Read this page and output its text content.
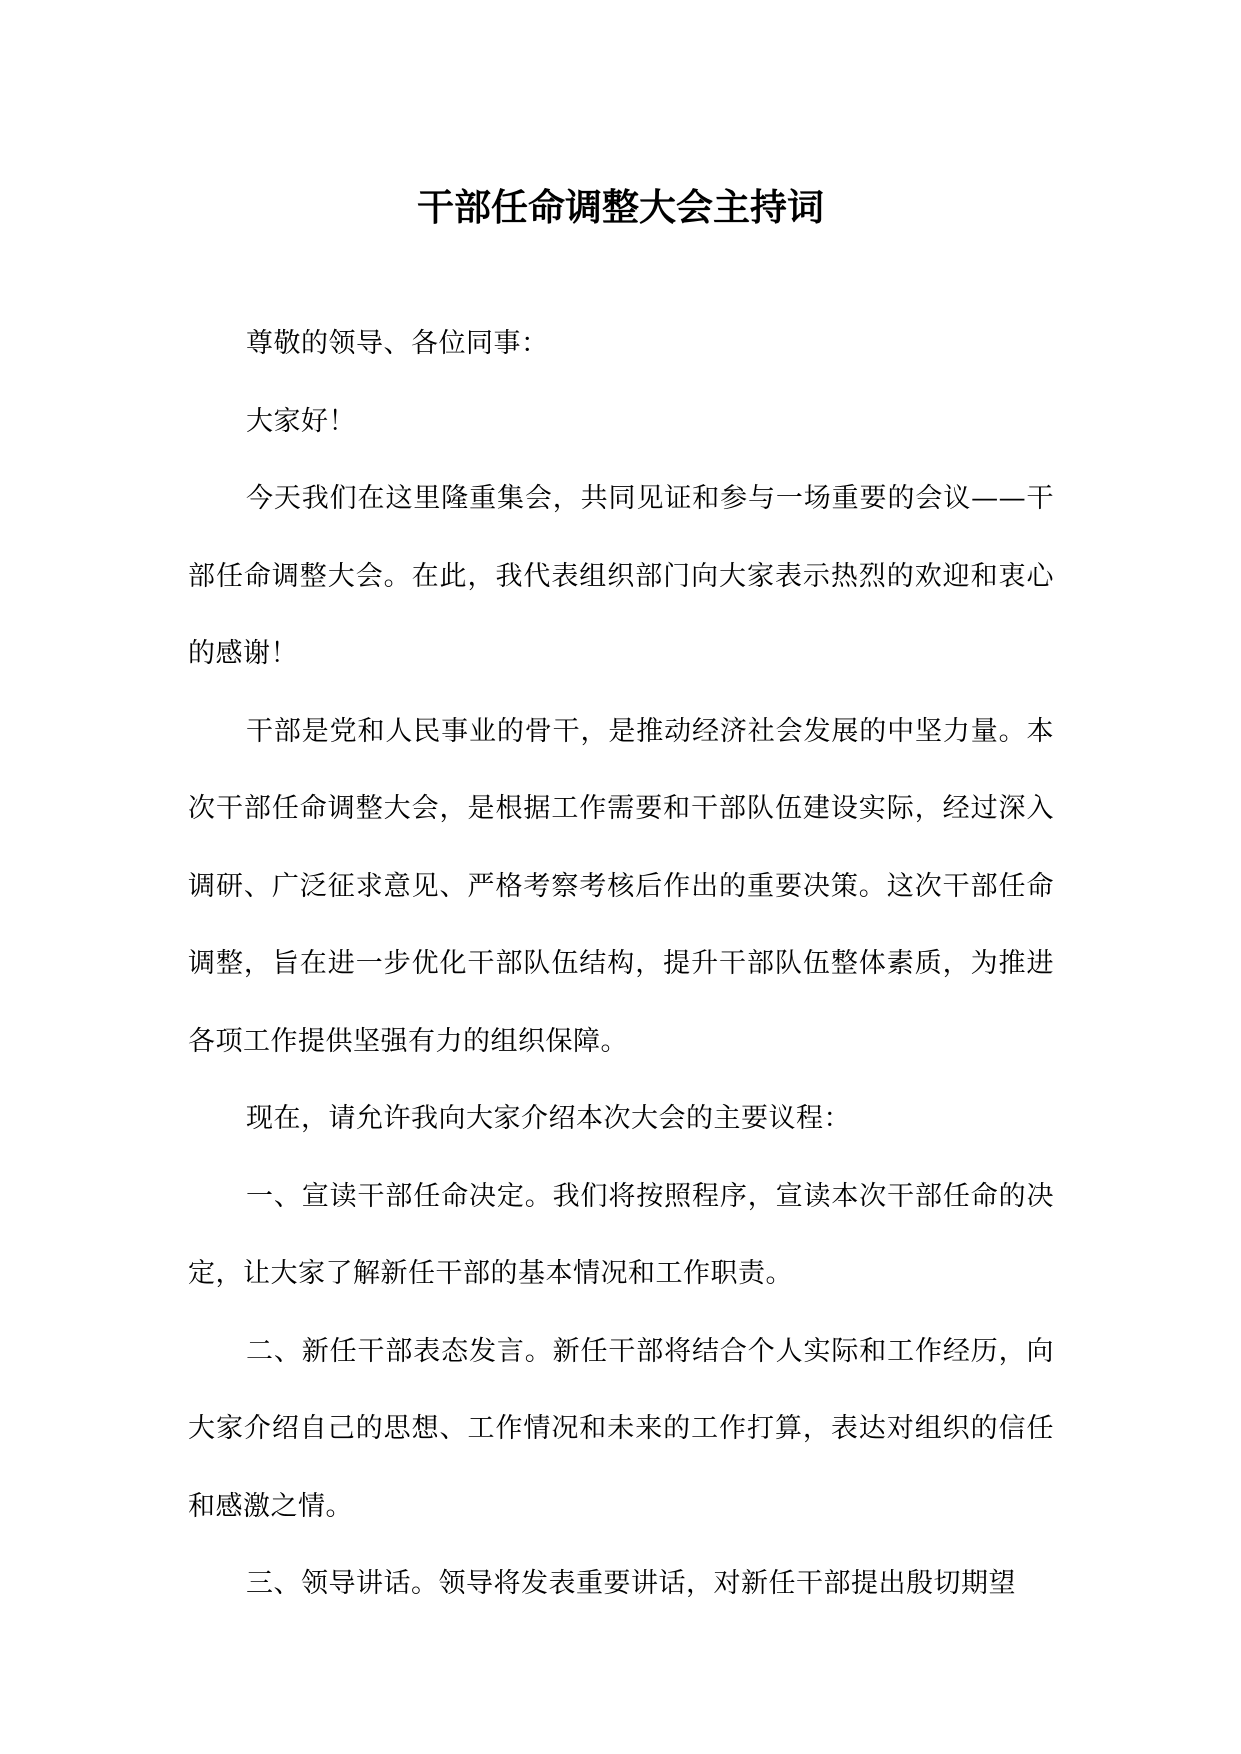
干部任命调整大会主持词

尊敬的领导、各位同事：

大家好！

今天我们在这里隆重集会，共同见证和参与一场重要的会议——干部任命调整大会。在此，我代表组织部门向大家表示热烈的欢迎和衷心的感谢！

干部是党和人民事业的骨干，是推动经济社会发展的中坚力量。本次干部任命调整大会，是根据工作需要和干部队伍建设实际，经过深入调研、广泛征求意见、严格考察考核后作出的重要决策。这次干部任命调整，旨在进一步优化干部队伍结构，提升干部队伍整体素质，为推进各项工作提供坚强有力的组织保障。

现在，请允许我向大家介绍本次大会的主要议程：

一、宣读干部任命决定。我们将按照程序，宣读本次干部任命的决定，让大家了解新任干部的基本情况和工作职责。

二、新任干部表态发言。新任干部将结合个人实际和工作经历，向大家介绍自己的思想、工作情况和未来的工作打算，表达对组织的信任和感激之情。

三、领导讲话。领导将发表重要讲话，对新任干部提出殷切期望
